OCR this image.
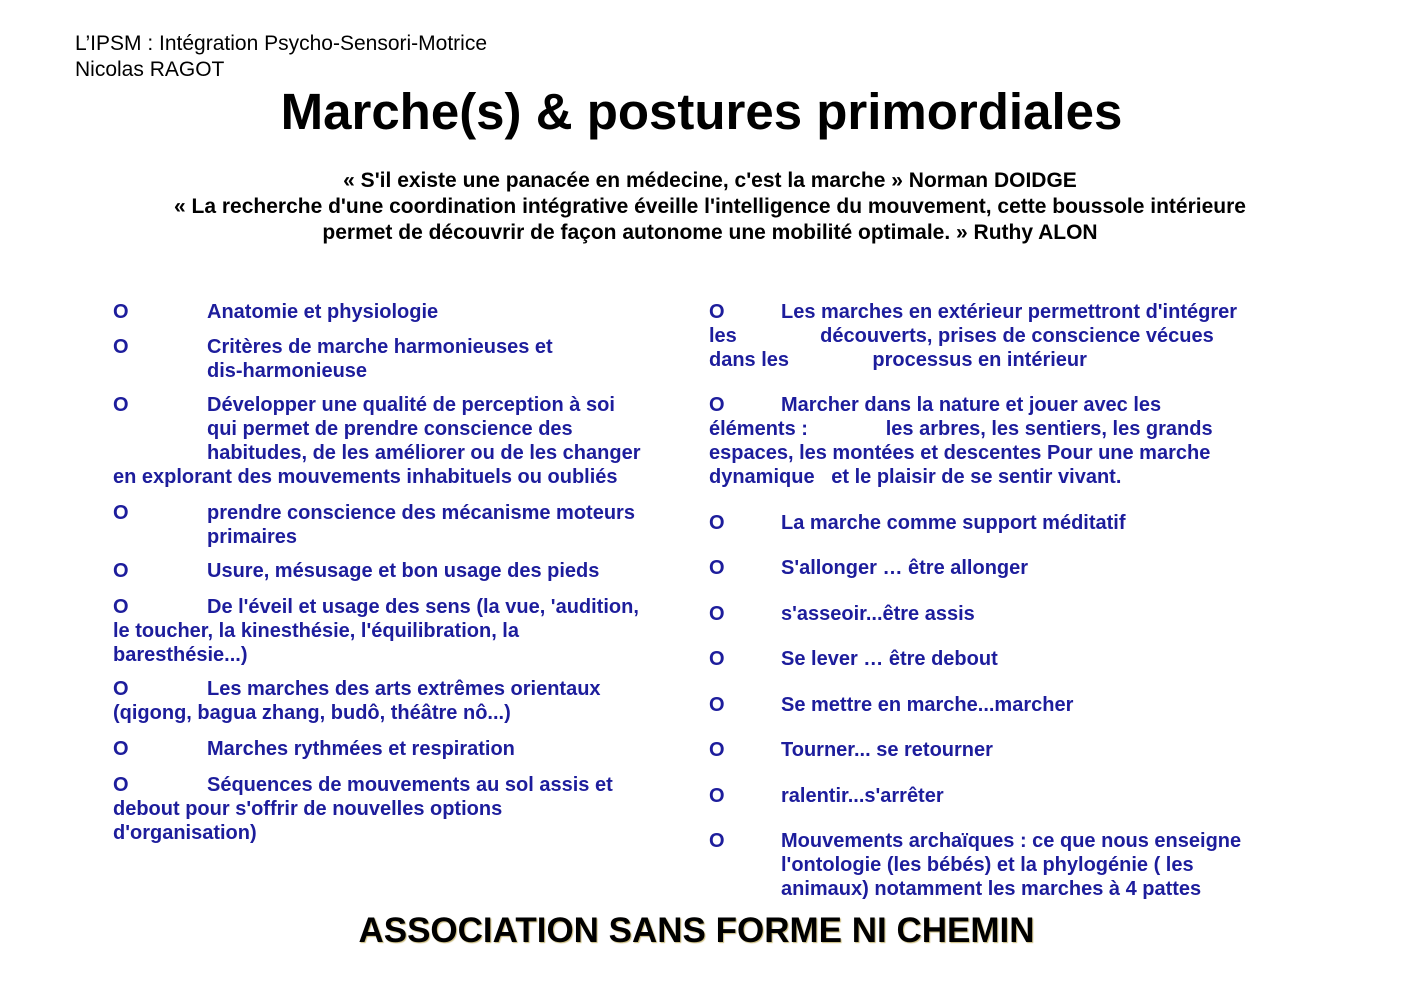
L’IPSM : Intégration Psycho-Sensori-Motrice
Nicolas RAGOT
Marche(s) & postures primordiales
« S'il existe une panacée en médecine, c'est la marche » Norman DOIDGE
« La recherche d'une coordination intégrative éveille l'intelligence du mouvement, cette boussole intérieure
permet de découvrir de façon autonome une mobilité optimale. » Ruthy ALON
O	Anatomie et physiologie
O	Critères de marche harmonieuses et
dis-harmonieuse
O	Développer une qualité de perception à soi
qui permet de prendre conscience des
habitudes, de les améliorer ou de les changer
en explorant des mouvements inhabituels ou oubliés
O	prendre conscience des mécanisme moteurs
primaires
O	Usure, mésusage et bon usage des pieds
O	De l'éveil et usage des sens (la vue, 'audition,
le toucher, la kinesthésie, l'équilibration, la
baresthésie...)
O	Les marches des arts extrêmes orientaux
(qigong, bagua zhang, budô, théâtre nô...)
O	Marches rythmées et respiration
O	Séquences de mouvements au sol assis et
debout pour s'offrir de nouvelles options
d'organisation)
O	Les marches en extérieur permettront d'intégrer
les               découverts, prises de conscience vécues
dans les               processus en intérieur
O	Marcher dans la nature et jouer avec les
éléments :              les arbres, les sentiers, les grands
espaces, les montées et descentes Pour une marche
dynamique   et le plaisir de se sentir vivant.
O	La marche comme support méditatif
O	S'allonger … être allonger
O	s'asseoir...être assis
O	Se lever … être debout
O	Se mettre en marche...marcher
O	Tourner... se retourner
O	ralentir...s'arrêter
O	Mouvements archaïques : ce que nous enseigne
l'ontologie (les bébés) et la phylogénie ( les
animaux) notamment les marches à 4 pattes
ASSOCIATION SANS FORME NI CHEMIN
